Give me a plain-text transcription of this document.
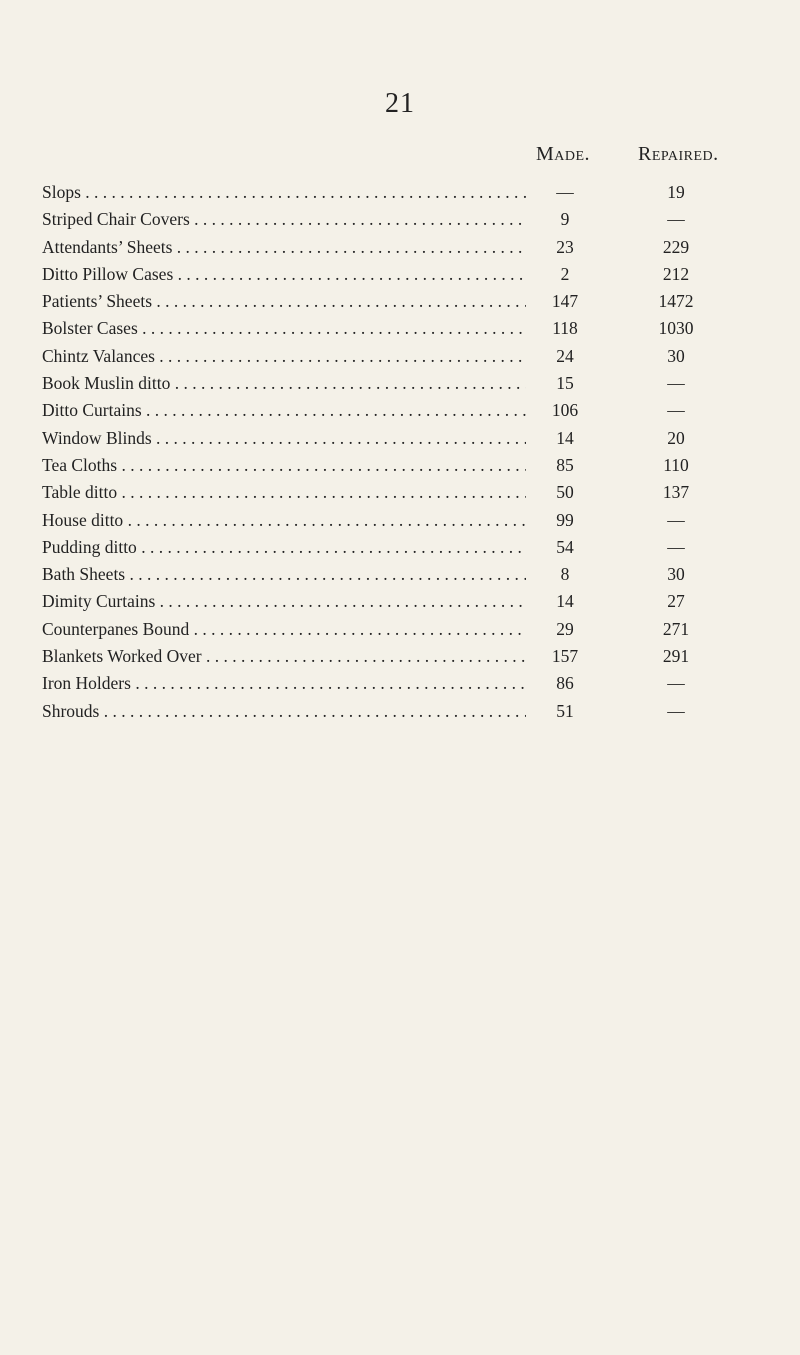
21
Made. Repaired.
Slops . . .	—	19
Striped Chair Covers . . .	9	—
Attendants’ Sheets . . .	23	229
Ditto Pillow Cases . . .	2	212
Patients’ Sheets . . .	147	1472
Bolster Cases . . .	118	1030
Chintz Valances . . .	24	30
Book Muslin ditto . . .	15	—
Ditto Curtains . . .	106	—
Window Blinds . . .	14	20
Tea Cloths . . .	85	110
Table ditto . . .	50	137
House ditto . . .	99	—
Pudding ditto . . .	54	—
Bath Sheets . . .	8	30
Dimity Curtains . . .	14	27
Counterpanes Bound . . .	29	271
Blankets Worked Over . . .	157	291
Iron Holders . . .	86	—
Shrouds . . .	51	—
